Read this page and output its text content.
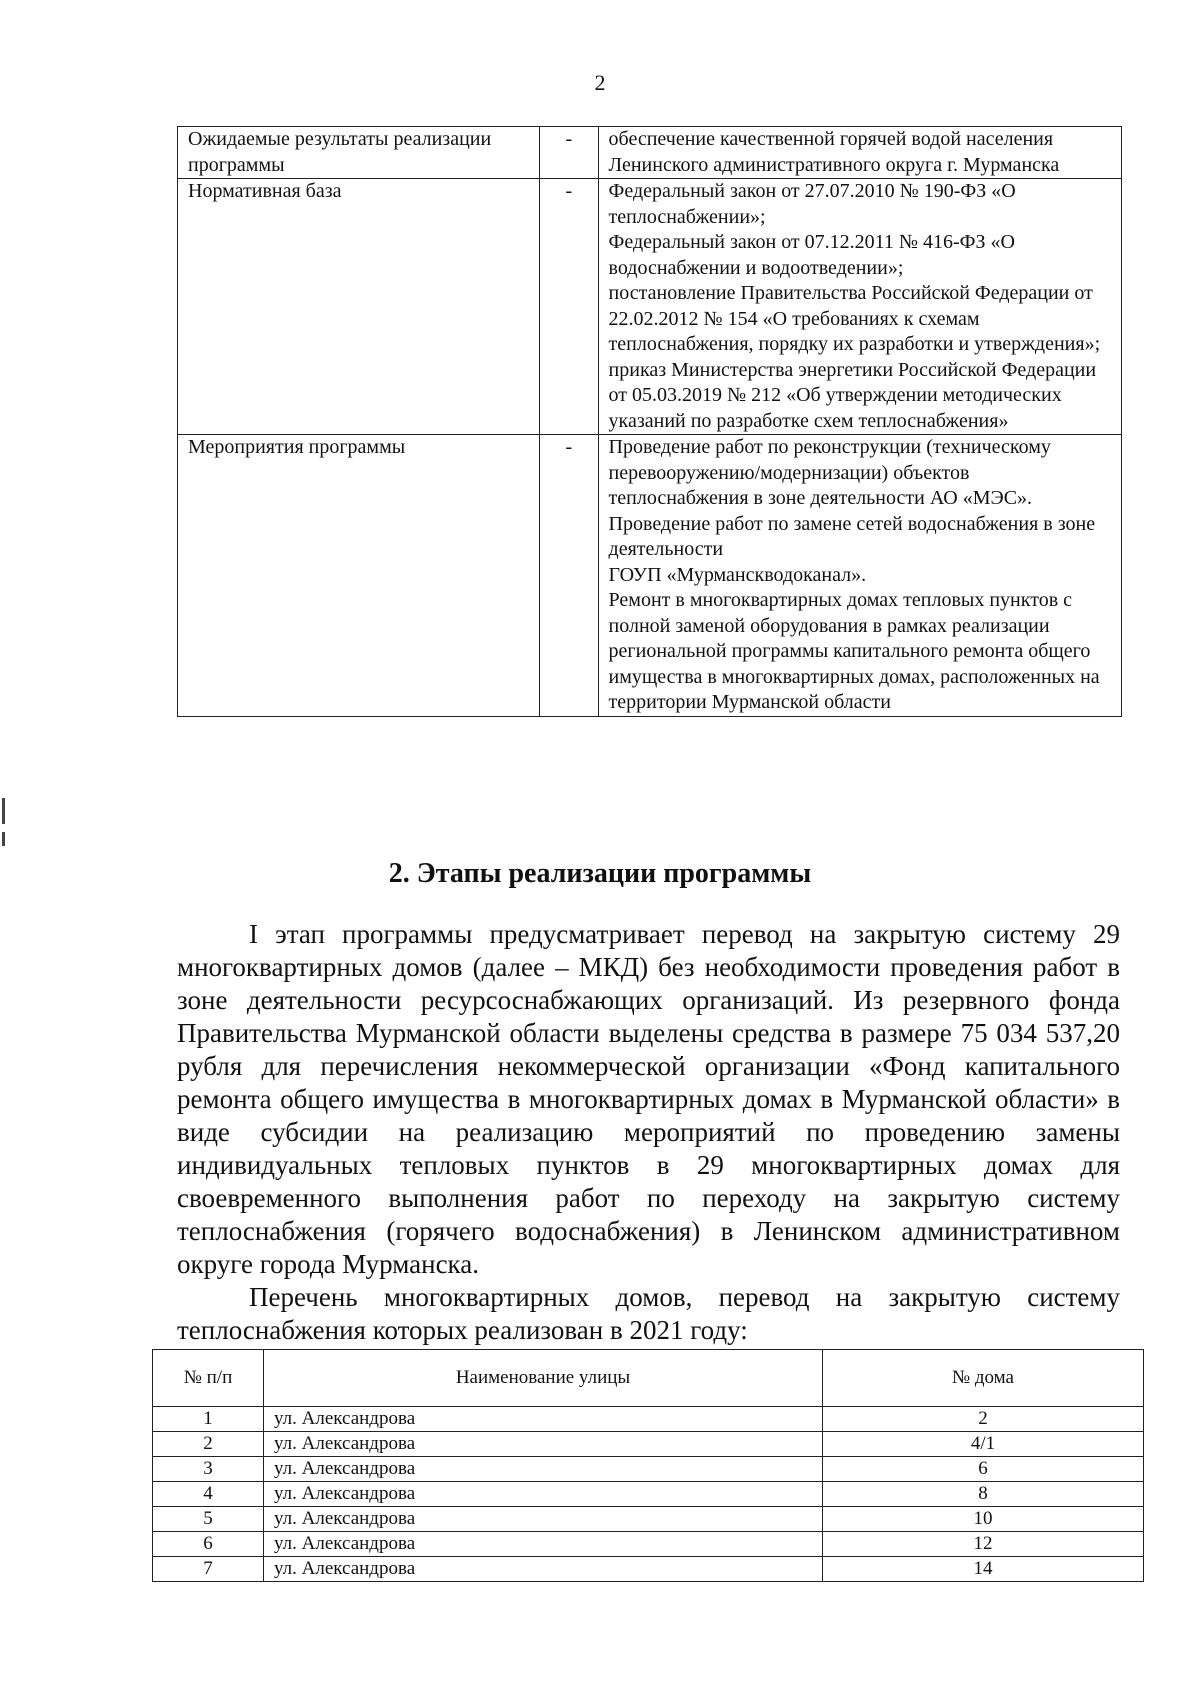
2
Ожидаемые результаты реализации программы	-	обеспечение качественной горячей водой населения Ленинского административного округа г. Мурманска

Нормативная база	-	Федеральный закон от 27.07.2010 № 190-ФЗ «О теплоснабжении»;

Федеральный закон от 07.12.2011 № 416-ФЗ «О водоснабжении и водоотведении»;

постановление Правительства Российской Федерации от 22.02.2012 № 154 «О требованиях к схемам теплоснабжения, порядку их разработки и утверждения»;

приказ Министерства энергетики Российской Федерации от 05.03.2019 № 212 «Об утверждении методических указаний по разработке схем теплоснабжения»

Мероприятия программы	-	Проведение работ по реконструкции (техническому перевооружению/модернизации) объектов теплоснабжения в зоне деятельности АО «МЭС».

Проведение работ по замене сетей водоснабжения в зоне деятельности

ГОУП «Мурманскводоканал».

Ремонт в многоквартирных домах тепловых пунктов с полной заменой оборудования в рамках реализации региональной программы капитального ремонта общего имущества в многоквартирных домах, расположенных на территории Мурманской области

2. Этапы реализации программы

I этап программы предусматривает перевод на закрытую систему 29 многоквартирных домов (далее – МКД) без необходимости проведения работ в зоне деятельности ресурсоснабжающих организаций. Из резервного фонда Правительства Мурманской области выделены средства в размере 75 034 537,20 рубля для перечисления некоммерческой организации «Фонд капитального ремонта общего имущества в многоквартирных домах в Мурманской области» в виде субсидии на реализацию мероприятий по проведению замены индивидуальных тепловых пунктов в 29 многоквартирных домах для своевременного выполнения работ по переходу на закрытую систему теплоснабжения (горячего водоснабжения) в Ленинском административном округе города Мурманска.

Перечень многоквартирных домов, перевод на закрытую систему теплоснабжения которых реализован в 2021 году:

№ п/п	Наименование улицы	№ дома
1	ул. Александрова	2
2	ул. Александрова	4/1
3	ул. Александрова	6
4	ул. Александрова	8
5	ул. Александрова	10
6	ул. Александрова	12
7	ул. Александрова	14
